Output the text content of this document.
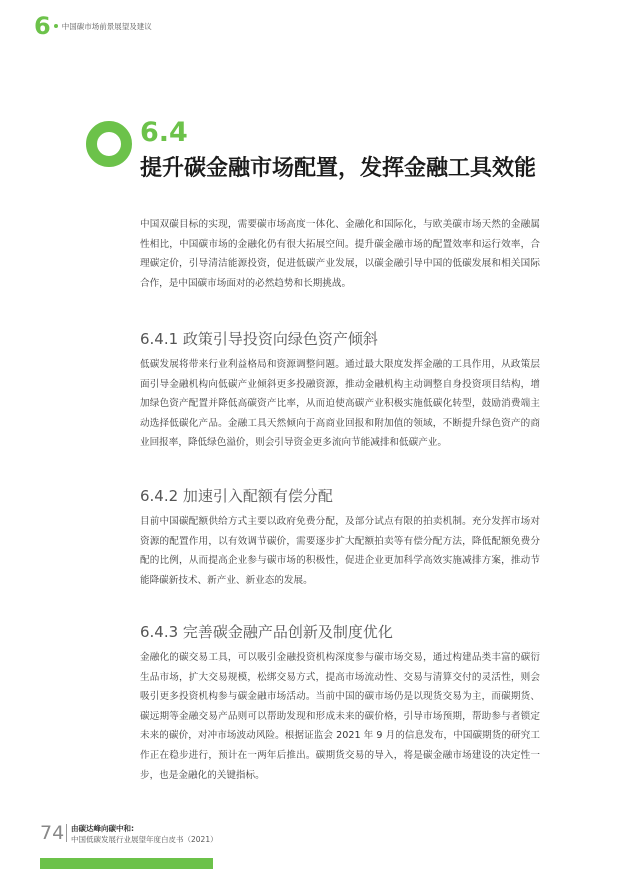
6 中国碳市场前景展望及建议
6.4
提升碳金融市场配置，发挥金融工具效能

中国双碳目标的实现，需要碳市场高度一体化、金融化和国际化，与欧美碳市场天然的金融属性相比，中国碳市场的金融化仍有很大拓展空间。提升碳金融市场的配置效率和运行效率，合理碳定价，引导清洁能源投资，促进低碳产业发展，以碳金融引导中国的低碳发展和相关国际合作，是中国碳市场面对的必然趋势和长期挑战。

6.4.1 政策引导投资向绿色资产倾斜

低碳发展将带来行业利益格局和资源调整问题。通过最大限度发挥金融的工具作用，从政策层面引导金融机构向低碳产业倾斜更多投融资源，推动金融机构主动调整自身投资项目结构，增加绿色资产配置并降低高碳资产比率，从而迫使高碳产业积极实施低碳化转型，鼓励消费端主动选择低碳化产品。金融工具天然倾向于高商业回报和附加值的领域，不断提升绿色资产的商业回报率，降低绿色溢价，则会引导资金更多流向节能减排和低碳产业。

6.4.2 加速引入配额有偿分配

目前中国碳配额供给方式主要以政府免费分配，及部分试点有限的拍卖机制。充分发挥市场对资源的配置作用，以有效调节碳价，需要逐步扩大配额拍卖等有偿分配方法，降低配额免费分配的比例，从而提高企业参与碳市场的积极性，促进企业更加科学高效实施减排方案，推动节能降碳新技术、新产业、新业态的发展。

6.4.3 完善碳金融产品创新及制度优化

金融化的碳交易工具，可以吸引金融投资机构深度参与碳市场交易，通过构建品类丰富的碳衍生品市场，扩大交易规模，松绑交易方式，提高市场流动性、交易与清算交付的灵活性，则会吸引更多投资机构参与碳金融市场活动。当前中国的碳市场仍是以现货交易为主，而碳期货、碳远期等金融交易产品则可以帮助发现和形成未来的碳价格，引导市场预期，帮助参与者锁定未来的碳价，对冲市场波动风险。根据证监会 2021 年 9 月的信息发布，中国碳期货的研究工作正在稳步进行，预计在一两年后推出。碳期货交易的导入，将是碳金融市场建设的决定性一步，也是金融化的关键指标。

74 由碳达峰向碳中和:
中国低碳发展行业展望年度白皮书（2021）
